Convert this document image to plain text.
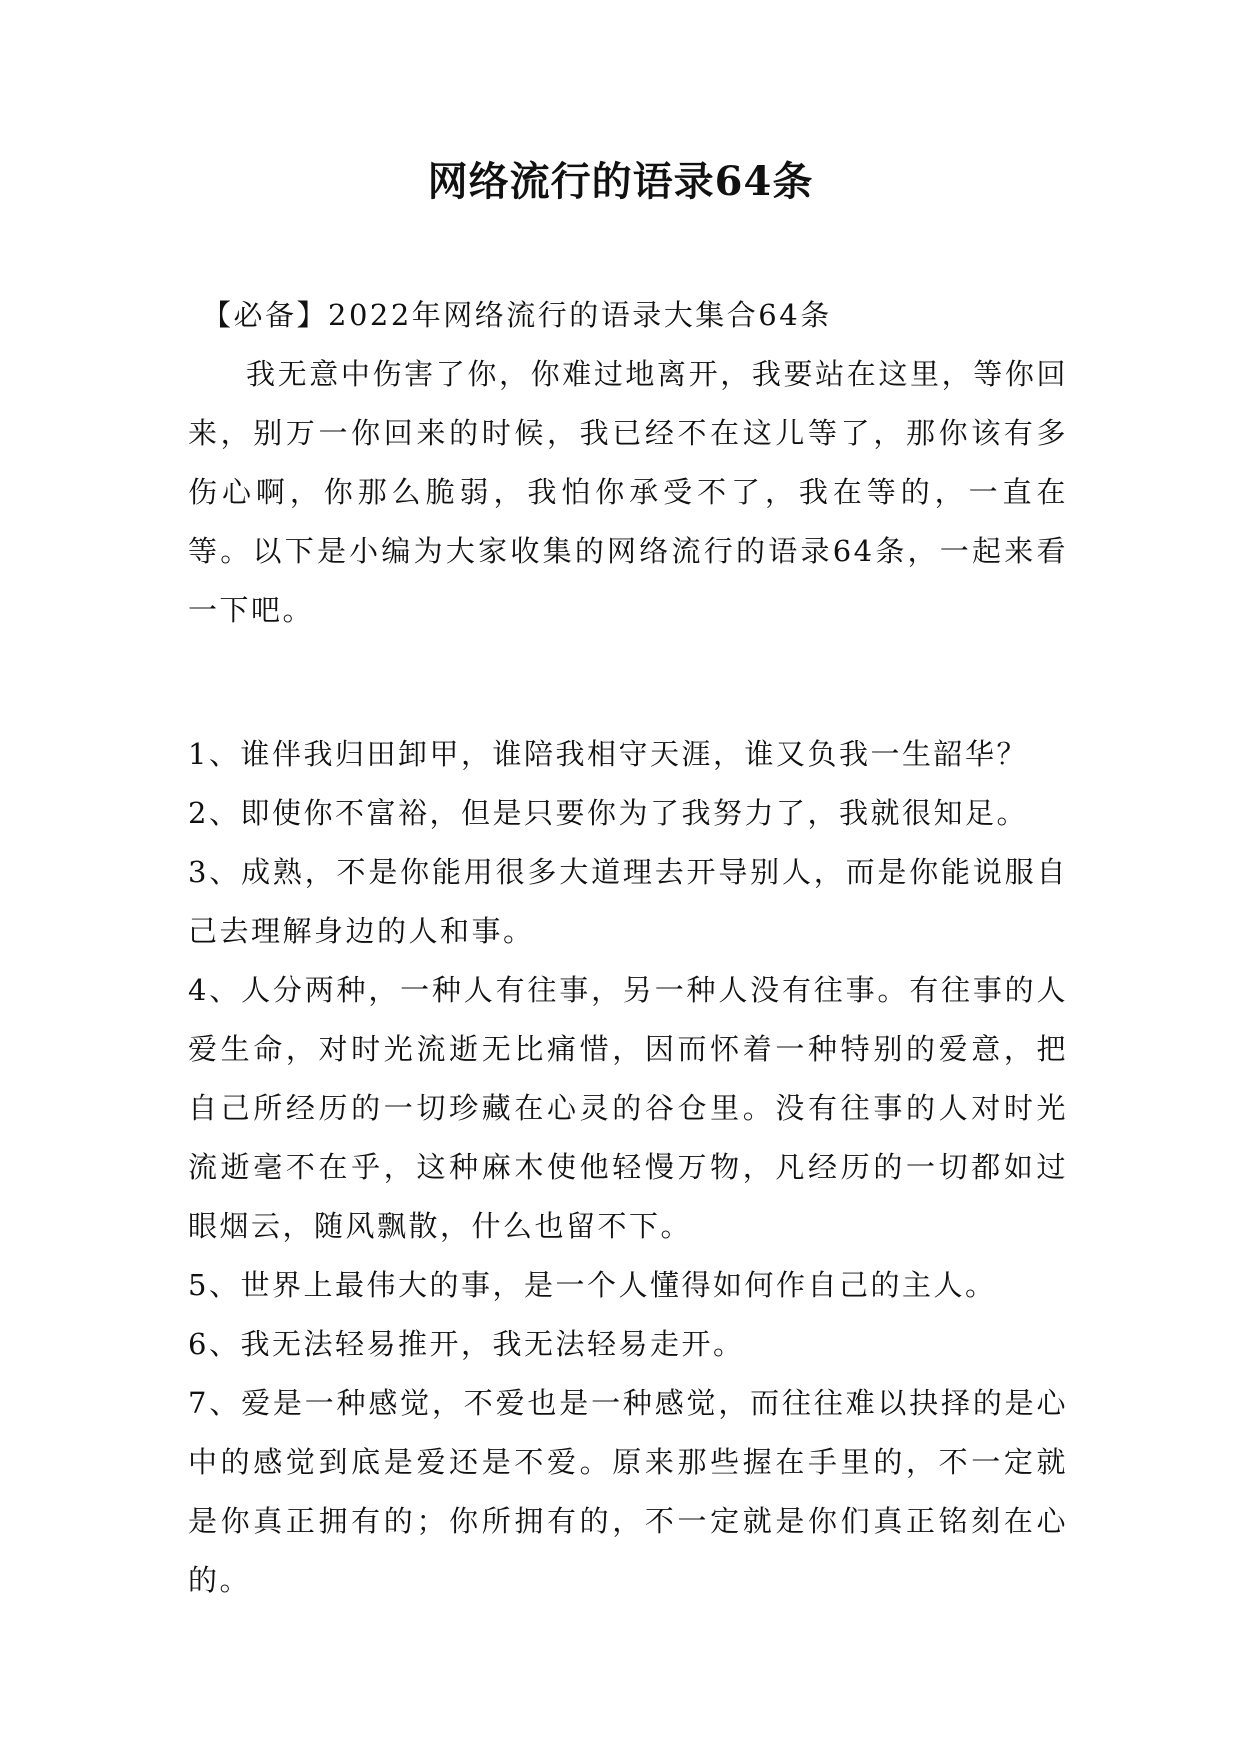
网络流行的语录64条

【必备】2022年网络流行的语录大集合64条

我无意中伤害了你，你难过地离开，我要站在这里，等你回来，别万一你回来的时候，我已经不在这儿等了，那你该有多伤心啊，你那么脆弱，我怕你承受不了，我在等的，一直在等。以下是小编为大家收集的网络流行的语录64条，一起来看一下吧。

1、谁伴我归田卸甲，谁陪我相守天涯，谁又负我一生韶华？

2、即使你不富裕，但是只要你为了我努力了，我就很知足。

3、成熟，不是你能用很多大道理去开导别人，而是你能说服自己去理解身边的人和事。

4、人分两种，一种人有往事，另一种人没有往事。有往事的人爱生命，对时光流逝无比痛惜，因而怀着一种特别的爱意，把自己所经历的一切珍藏在心灵的谷仓里。没有往事的人对时光流逝毫不在乎，这种麻木使他轻慢万物，凡经历的一切都如过眼烟云，随风飘散，什么也留不下。

5、世界上最伟大的事，是一个人懂得如何作自己的主人。

6、我无法轻易推开，我无法轻易走开。

7、爱是一种感觉，不爱也是一种感觉，而往往难以抉择的是心中的感觉到底是爱还是不爱。原来那些握在手里的，不一定就是你真正拥有的；你所拥有的，不一定就是你们真正铭刻在心的。
